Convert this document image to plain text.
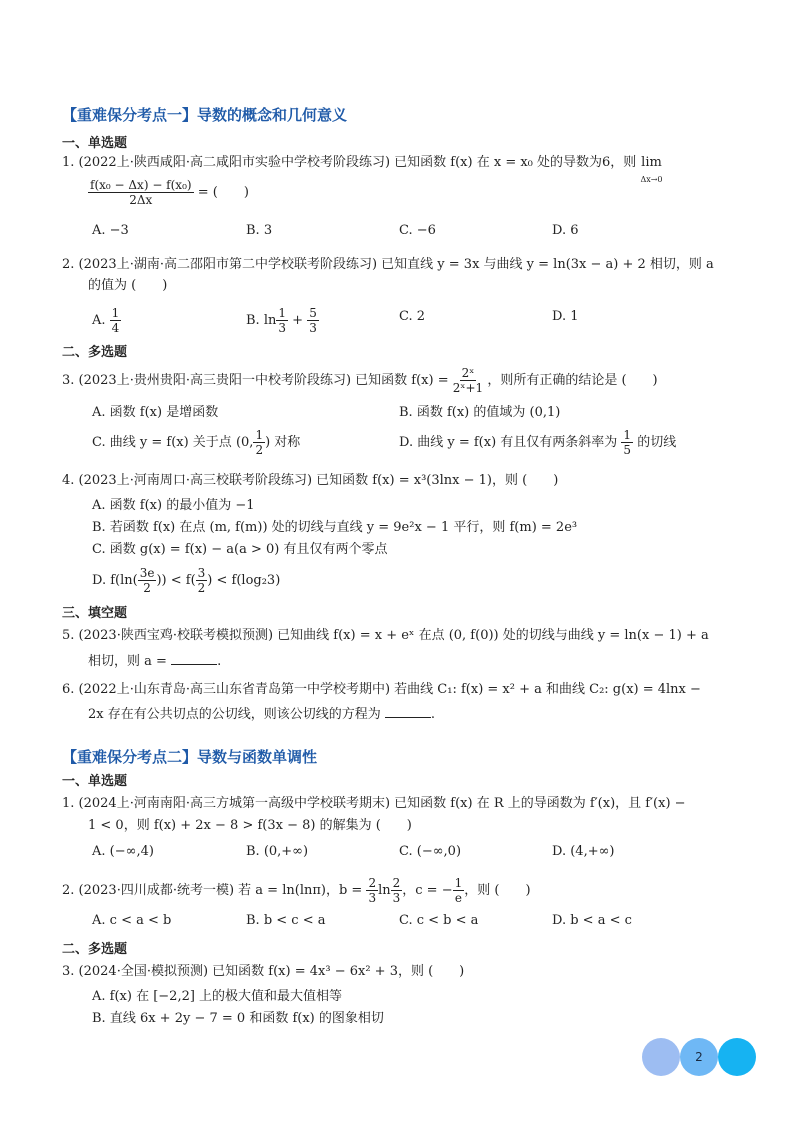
【重难保分考点一】导数的概念和几何意义
一、单选题
1. (2022上·陕西咸阳·高二咸阳市实验中学校考阶段练习) 已知函数 f(x) 在 x = x₀ 处的导数为6，则 lim
Δx→0
$\frac{\text{f(x₀ − Δx) − f(x₀)}}{2\Delta x}$ = (　　)
A. −3	B. 3	C. −6	D. 6
2. (2023上·湖南·高二邵阳市第二中学校联考阶段练习) 已知直线 y = 3x 与曲线 y = ln(3x − a) + 2 相切，则 a
的值为 (　　)
A. $\frac{1}{4}$	B. $\ln \frac{1}{3} + \frac{5}{3}$	C. 2	D. 1
二、多选题
3. (2023上·贵州贵阳·高三贵阳一中校考阶段练习) 已知函数 $f(x) = \frac{\text{2ˣ}}{\text{2ˣ+1}}$ ，则所有正确的结论是 (　　)
A. 函数 f(x) 是增函数	B. 函数 f(x) 的值域为 (0,1)
C. 曲线 y = f(x) 关于点 (0, $\frac{1}{2}$ ) 对称	D. 曲线 y = f(x) 有且仅有两条斜率为 $\frac{1}{5}$ 的切线
4. (2023上·河南周口·高三校联考阶段练习) 已知函数 f(x) = x³(3lnx − 1)，则 (　　)
A. 函数 f(x) 的最小值为 −1
B. 若函数 f(x) 在点 (m, f(m)) 处的切线与直线 y = 9e²x − 1 平行，则 f(m) = 2e³
C. 函数 g(x) = f(x) − a(a > 0) 有且仅有两个零点
D. $f(\ln( \frac{3e}{2}$ )) < $f( \frac{3}{2}$ ) < f(log₂3)
三、填空题
5. (2023·陕西宝鸡·校联考模拟预测) 已知曲线 f(x) = x + eˣ 在点 (0, f(0)) 处的切线与曲线 y = ln(x − 1) + a
相切，则 a =	.
6. (2022上·山东青岛·高三山东省青岛第一中学校考期中) 若曲线 C₁: f(x) = x² + a 和曲线 C₂: g(x) = 4lnx −
2x 存在有公共切点的公切线，则该公切线的方程为	.
【重难保分考点二】导数与函数单调性
一、单选题
1. (2024上·河南南阳·高三方城第一高级中学校联考期末) 已知函数 f(x) 在 R 上的导函数为 f′(x)，且 f′(x) −
1 < 0，则 f(x) + 2x − 8 > f(3x − 8) 的解集为 (　　)
A. (−∞,4)	B. (0,+∞)	C. (−∞,0)	D. (4,+∞)
2. (2023·四川成都·统考一模) 若 a = ln(lnπ)，$b = \frac{2}{3}$ $\ln \frac{2}{3}$ ，c = − $\frac{1}{e}$ ，则 (　　)
A. c < a < b	B. b < c < a	C. c < b < a	D. b < a < c
二、多选题
3. (2024·全国·模拟预测) 已知函数 f(x) = 4x³ − 6x² + 3，则 (　　)
A. f(x) 在 [−2,2] 上的极大值和最大值相等
B. 直线 6x + 2y − 7 = 0 和函数 f(x) 的图象相切
2
